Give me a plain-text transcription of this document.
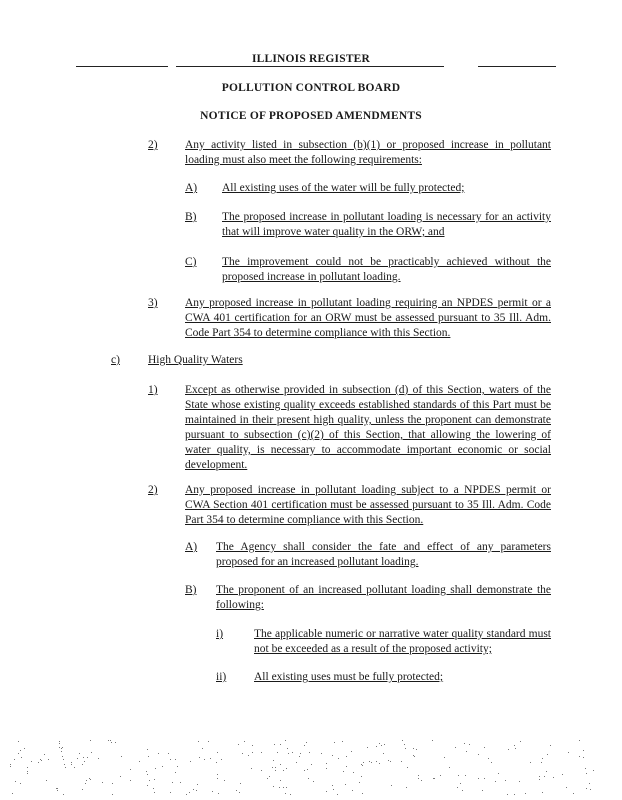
ILLINOIS REGISTER
POLLUTION CONTROL BOARD
NOTICE OF PROPOSED AMENDMENTS
2) Any activity listed in subsection (b)(1) or proposed increase in pollutant loading must also meet the following requirements:
A) All existing uses of the water will be fully protected;
B) The proposed increase in pollutant loading is necessary for an activity that will improve water quality in the ORW; and
C) The improvement could not be practicably achieved without the proposed increase in pollutant loading.
3) Any proposed increase in pollutant loading requiring an NPDES permit or a CWA 401 certification for an ORW must be assessed pursuant to 35 Ill. Adm. Code Part 354 to determine compliance with this Section.
c) High Quality Waters
1) Except as otherwise provided in subsection (d) of this Section, waters of the State whose existing quality exceeds established standards of this Part must be maintained in their present high quality, unless the proponent can demonstrate pursuant to subsection (c)(2) of this Section, that allowing the lowering of water quality, is necessary to accommodate important economic or social development.
2) Any proposed increase in pollutant loading subject to a NPDES permit or CWA Section 401 certification must be assessed pursuant to 35 Ill. Adm. Code Part 354 to determine compliance with this Section.
A) The Agency shall consider the fate and effect of any parameters proposed for an increased pollutant loading.
B) The proponent of an increased pollutant loading shall demonstrate the following:
i)	The applicable numeric or narrative water quality standard must not be exceeded as a result of the proposed activity;
ii) All existing uses must be fully protected;
